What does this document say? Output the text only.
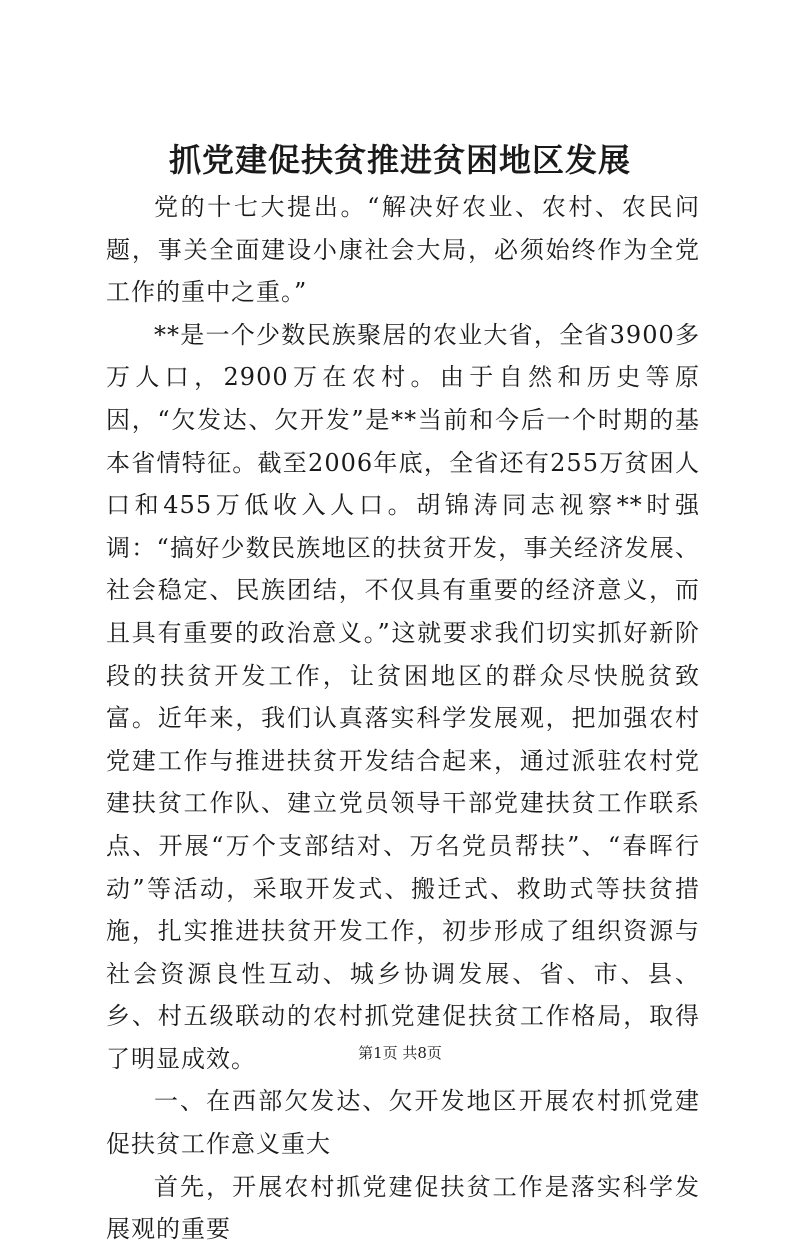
抓党建促扶贫推进贫困地区发展

党的十七大提出。“解决好农业、农村、农民问题，事关全面建设小康社会大局，必须始终作为全党工作的重中之重。”

**是一个少数民族聚居的农业大省，全省3900多万人口，2900万在农村。由于自然和历史等原因，“欠发达、欠开发”是**当前和今后一个时期的基本省情特征。截至2006年底，全省还有255万贫困人口和455万低收入人口。胡锦涛同志视察**时强调：“搞好少数民族地区的扶贫开发，事关经济发展、社会稳定、民族团结，不仅具有重要的经济意义，而且具有重要的政治意义。”这就要求我们切实抓好新阶段的扶贫开发工作，让贫困地区的群众尽快脱贫致富。近年来，我们认真落实科学发展观，把加强农村党建工作与推进扶贫开发结合起来，通过派驻农村党建扶贫工作队、建立党员领导干部党建扶贫工作联系点、开展“万个支部结对、万名党员帮扶”、“春晖行动”等活动，采取开发式、搬迁式、救助式等扶贫措施，扎实推进扶贫开发工作，初步形成了组织资源与社会资源良性互动、城乡协调发展、省、市、县、乡、村五级联动的农村抓党建促扶贫工作格局，取得了明显成效。

一、在西部欠发达、欠开发地区开展农村抓党建促扶贫工作意义重大

首先，开展农村抓党建促扶贫工作是落实科学发展观的重要

第1页 共8页
